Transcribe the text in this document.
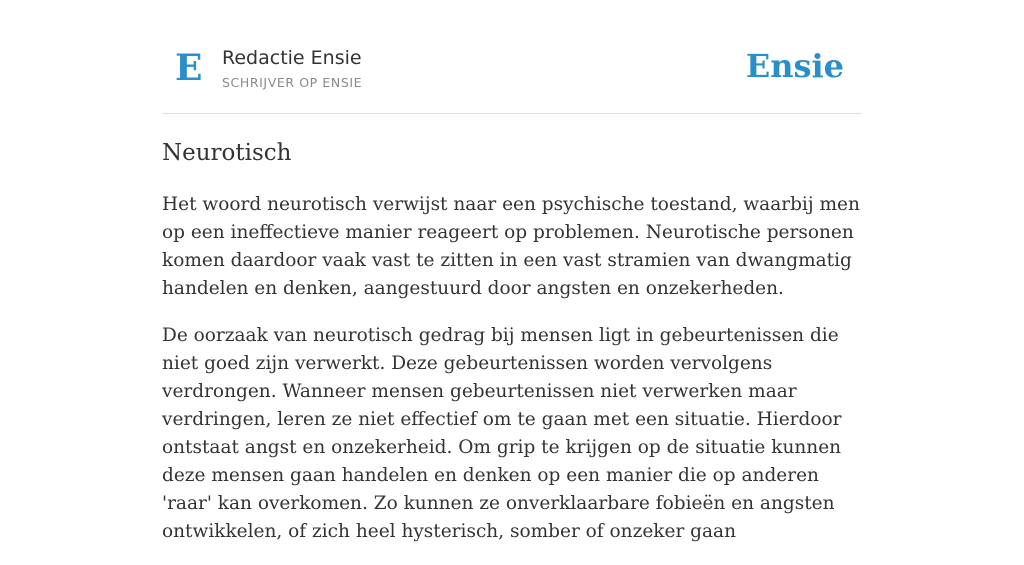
E Redactie Ensie
SCHRIJVER OP ENSIE	Ensie
Neurotisch

Het woord neurotisch verwijst naar een psychische toestand, waarbij men op een ineffectieve manier reageert op problemen. Neurotische personen komen daardoor vaak vast te zitten in een vast stramien van dwangmatig handelen en denken, aangestuurd door angsten en onzekerheden.

De oorzaak van neurotisch gedrag bij mensen ligt in gebeurtenissen die niet goed zijn verwerkt. Deze gebeurtenissen worden vervolgens verdrongen. Wanneer mensen gebeurtenissen niet verwerken maar verdringen, leren ze niet effectief om te gaan met een situatie. Hierdoor ontstaat angst en onzekerheid. Om grip te krijgen op de situatie kunnen deze mensen gaan handelen en denken op een manier die op anderen 'raar' kan overkomen. Zo kunnen ze onverklaarbare fobieën en angsten ontwikkelen, of zich heel hysterisch, somber of onzeker gaan
